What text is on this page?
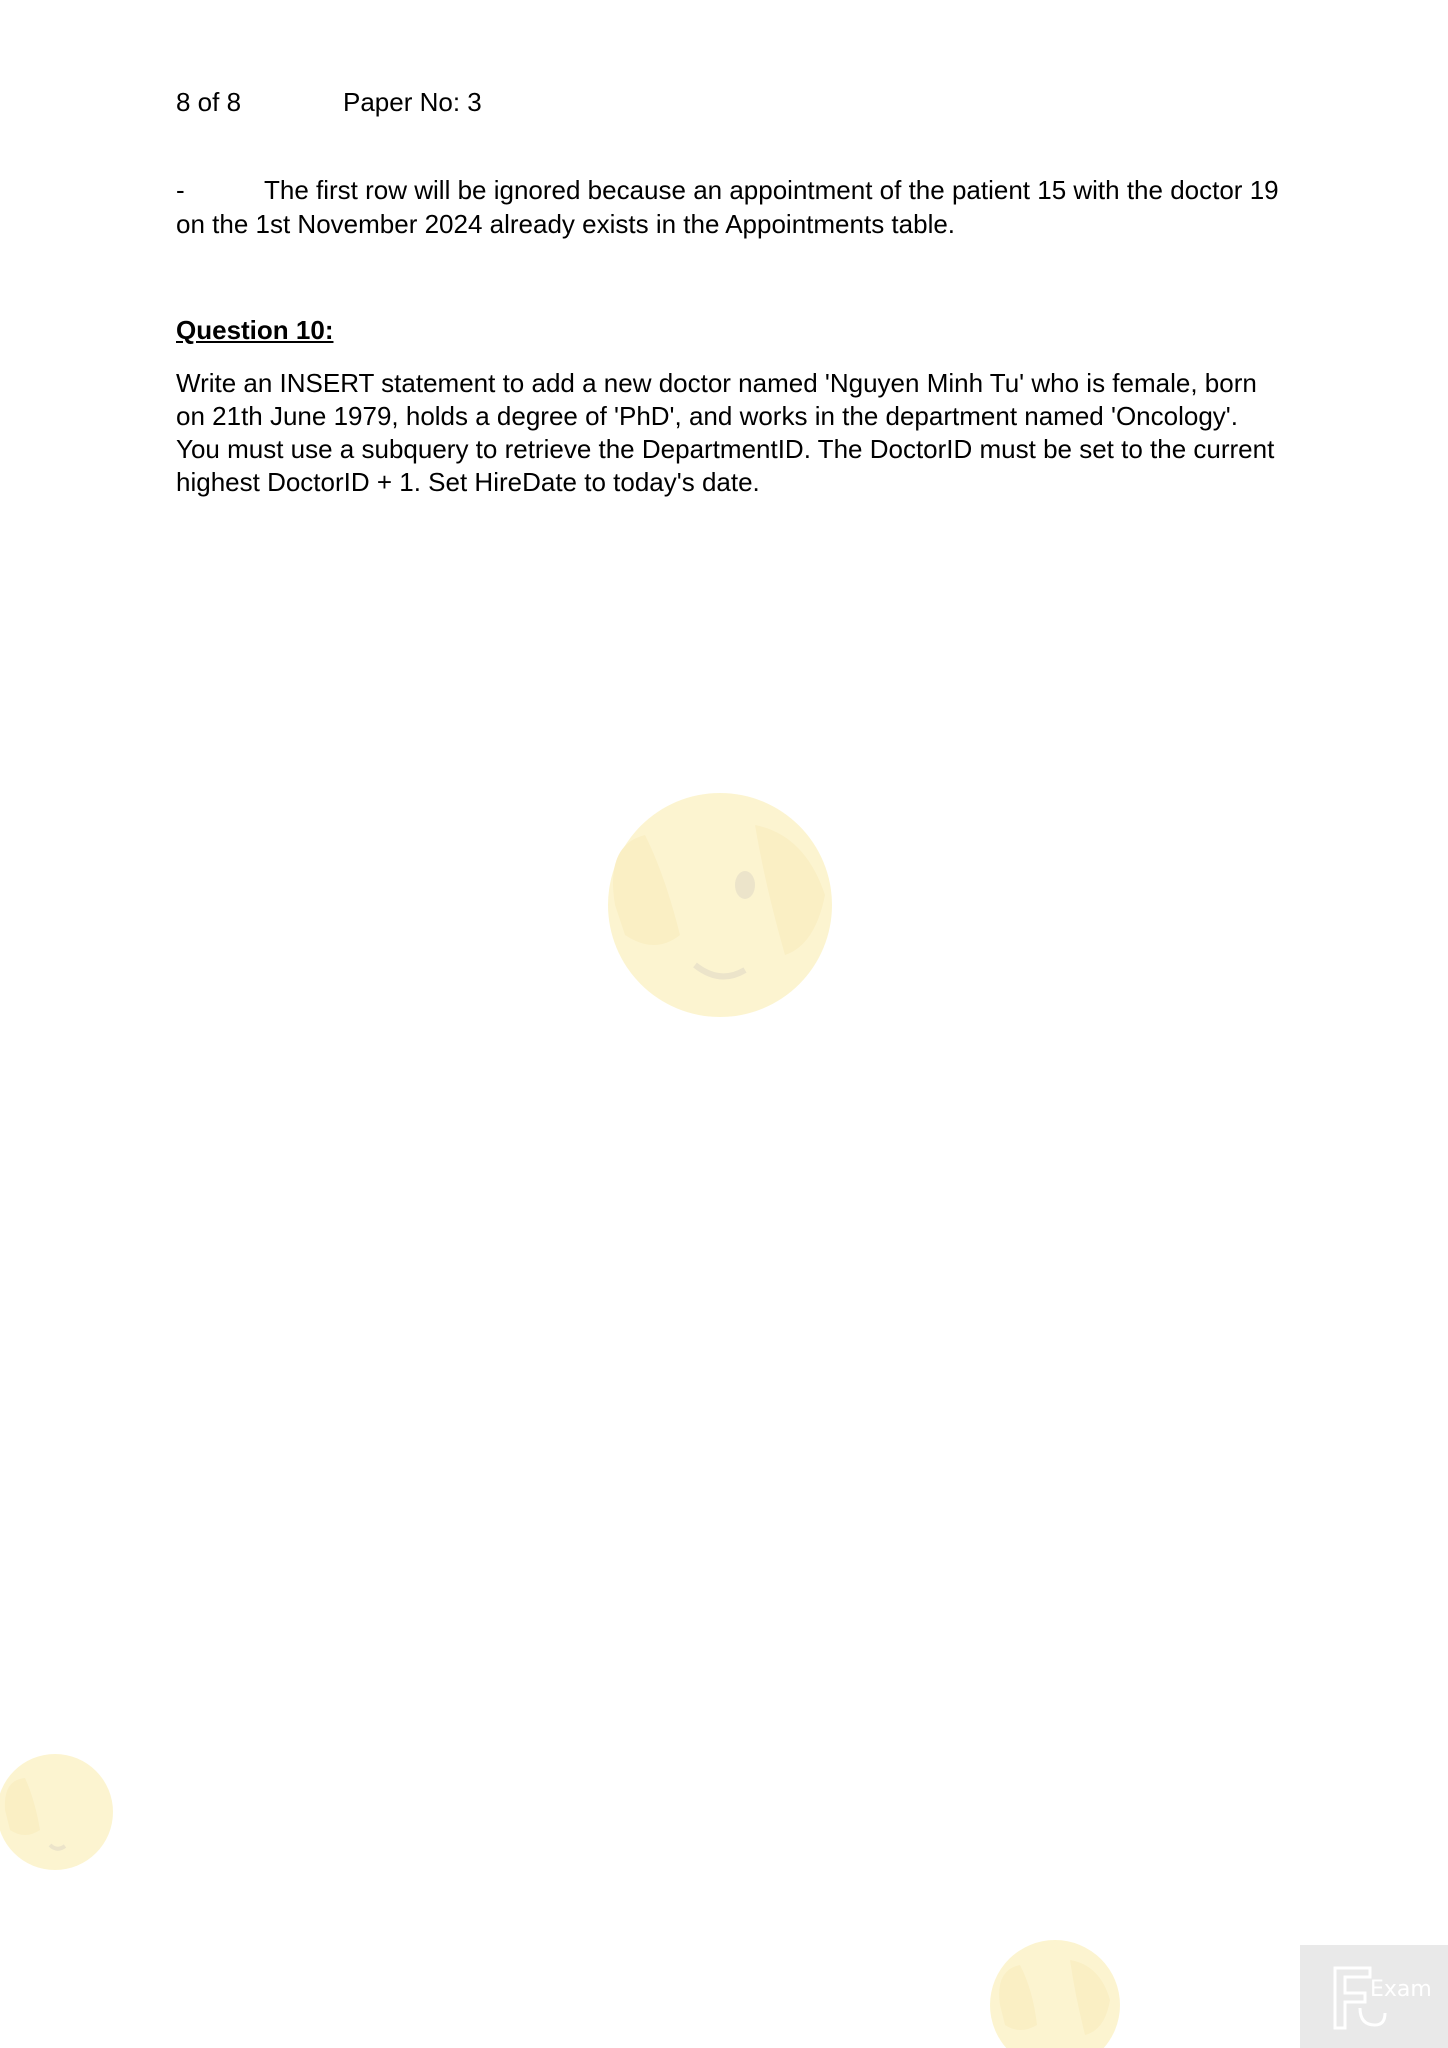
8 of 8	Paper No: 3
-	The first row will be ignored because an appointment of the patient 15 with the doctor 19 on the 1st November 2024 already exists in the Appointments table.
Question 10:
Write an INSERT statement to add a new doctor named 'Nguyen Minh Tu' who is female, born on 21th June 1979, holds a degree of 'PhD', and works in the department named 'Oncology'. You must use a subquery to retrieve the DepartmentID. The DoctorID must be set to the current highest DoctorID + 1. Set HireDate to today's date.
Exam
